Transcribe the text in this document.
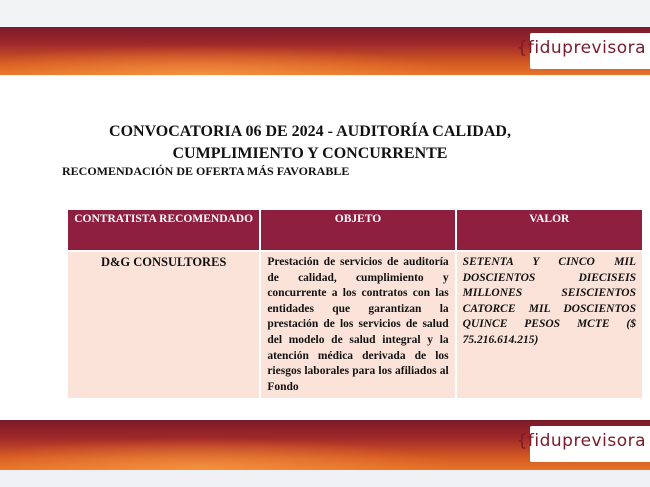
{fiduprevisora
CONVOCATORIA 06 DE 2024 - AUDITORÍA CALIDAD, CUMPLIMIENTO Y CONCURRENTE
RECOMENDACIÓN DE OFERTA MÁS FAVORABLE
CONTRATISTA RECOMENDADO	OBJETO	VALOR
D&G CONSULTORES	Prestación de servicios de auditoría de calidad, cumplimiento y concurrente a los contratos con las entidades que garantizan la prestación de los servicios de salud del modelo de salud integral y la atención médica derivada de los riesgos laborales para los afiliados al Fondo	SETENTA Y CINCO MIL DOSCIENTOS DIECISEIS MILLONES SEISCIENTOS CATORCE MIL DOSCIENTOS QUINCE PESOS MCTE ($ 75.216.614.215)
{fiduprevisora
